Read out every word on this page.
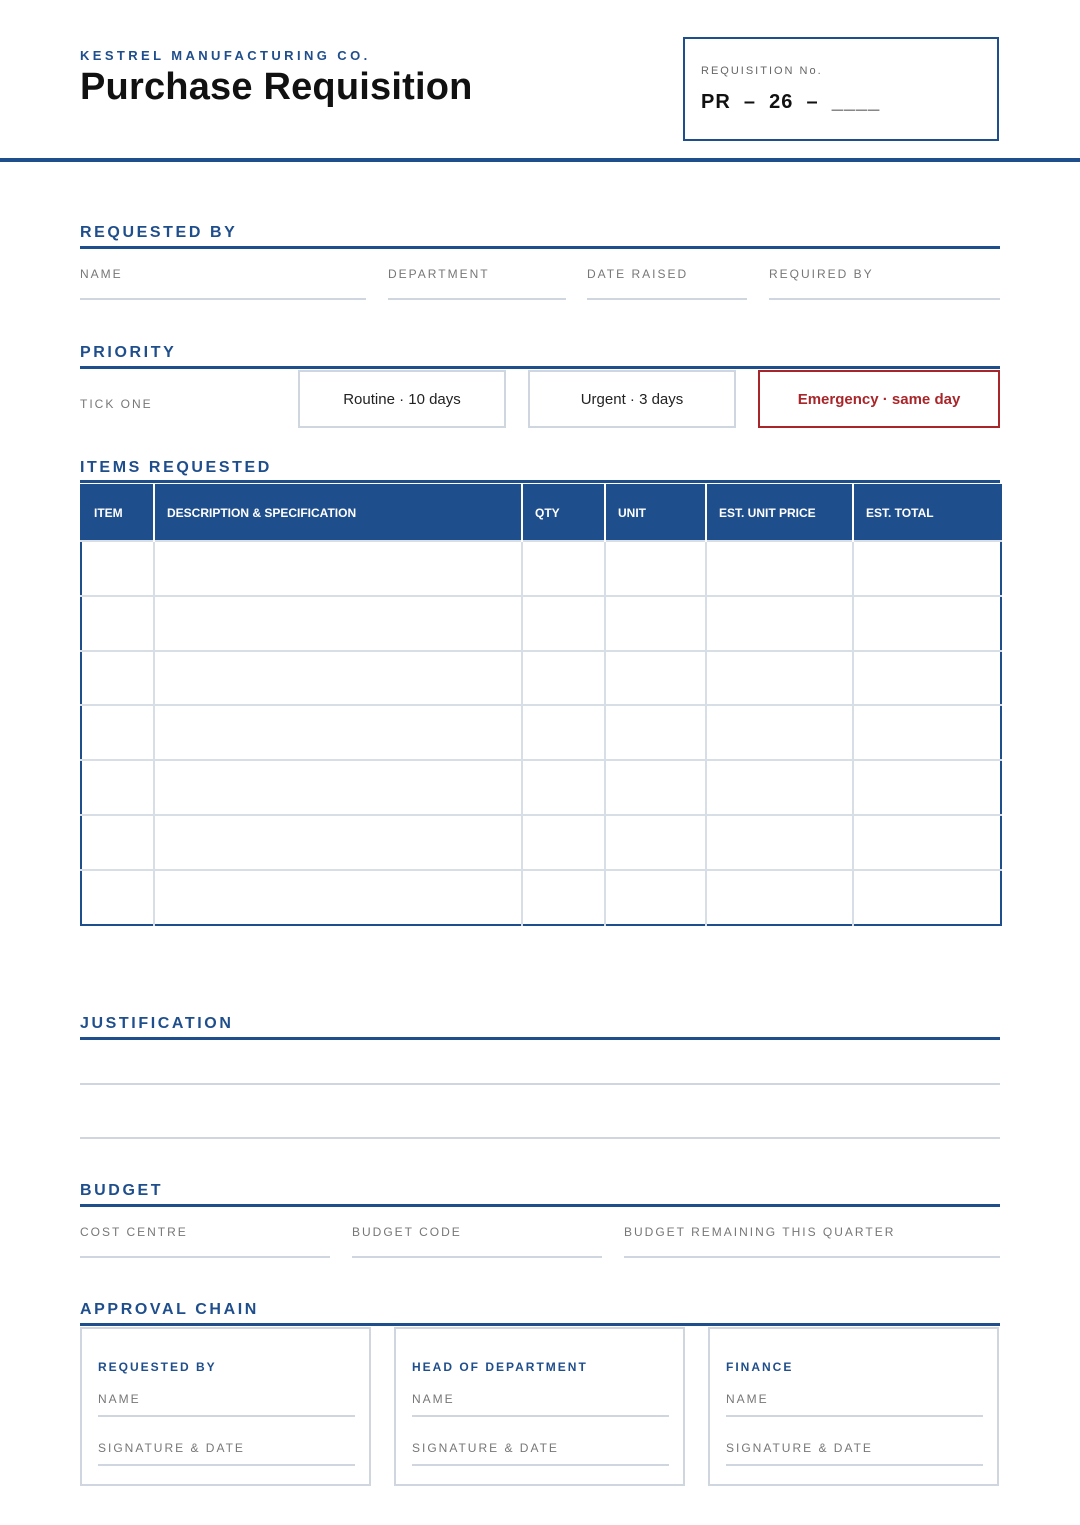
KESTREL MANUFACTURING CO.
Purchase Requisition	REQUISITION No.
PR  –  26  –  ____
REQUESTED BY
NAME	DEPARTMENT	DATE RAISED	REQUIRED BY
PRIORITY
TICK ONE	Routine · 10 days	Urgent · 3 days	Emergency · same day
ITEMS REQUESTED
ITEM	DESCRIPTION & SPECIFICATION	QTY	UNIT	EST. UNIT PRICE	EST. TOTAL

JUSTIFICATION
BUDGET
COST CENTRE	BUDGET CODE	BUDGET REMAINING THIS QUARTER
APPROVAL CHAIN
REQUESTED BY
NAME
SIGNATURE & DATE
HEAD OF DEPARTMENT
NAME
SIGNATURE & DATE
FINANCE
NAME
SIGNATURE & DATE
